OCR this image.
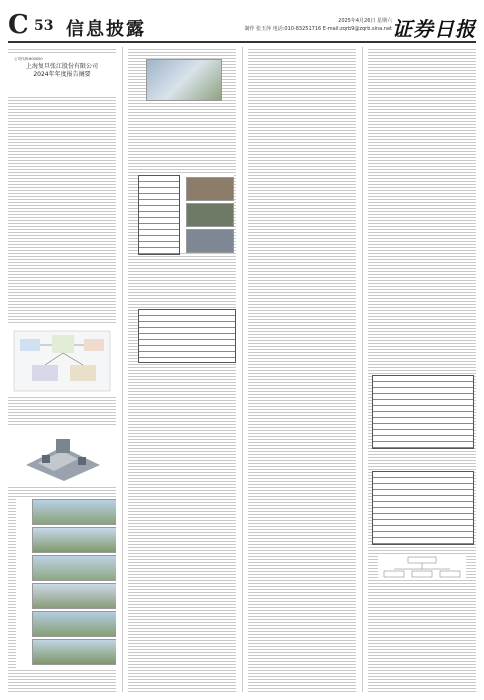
C 53 信息披露	2025年4月26日 星期六
制作 张玉萍 电话:010-83251716 E-mail:zqrb9@zqrb.sina.net 证券日报
公司代码:600000
上海复旦张江股份有限公司
2024年年度报告摘要
